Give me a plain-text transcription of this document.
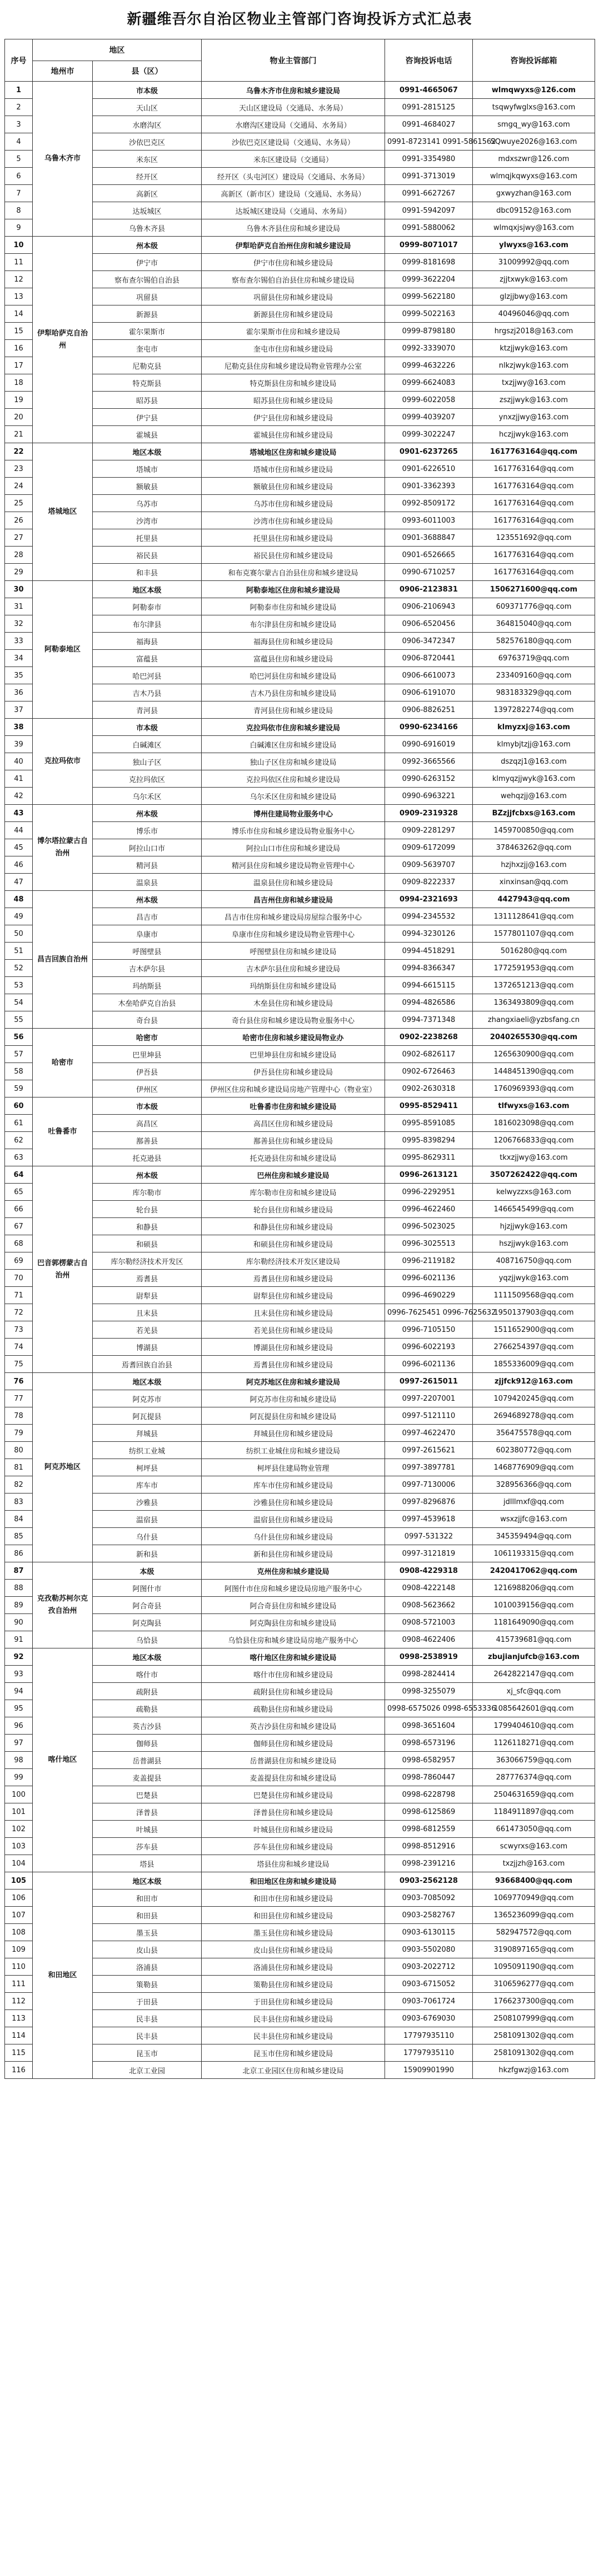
新疆维吾尔自治区物业主管部门咨询投诉方式汇总表
序号	地区		物业主管部门	咨询投诉电话	咨询投诉邮箱
	地州市	县（区）			
1	乌鲁木齐市	市本级	乌鲁木齐市住房和城乡建设局	0991-4665067	wlmqwyxs@126.com
2		天山区	天山区建设局（交通局、水务局）	0991-2815125	tsqwyfwglxs@163.com
3		水磨沟区	水磨沟区建设局（交通局、水务局）	0991-4684027	smgq_wy@163.com
4		沙依巴克区	沙依巴克区建设局（交通局、水务局）	0991-8723141 0991-5861562	SQwuye2026@163.com
5		米东区	米东区建设局（交通局）	0991-3354980	mdxszwr@126.com
6		经开区	经开区（头屯河区）建设局（交通局、水务局）	0991-3713019	wlmqjkqwyxs@163.com
7		高新区	高新区（新市区）建设局（交通局、水务局）	0991-6627267	gxwyzhan@163.com
8		达坂城区	达坂城区建设局（交通局、水务局）	0991-5942097	dbc09152@163.com
9		乌鲁木齐县	乌鲁木齐县住房和城乡建设局	0991-5880062	wlmqxjsjwy@163.com
10	伊犁哈萨克自治州	州本级	伊犁哈萨克自治州住房和城乡建设局	0999-8071017	ylwyxs@163.com
11		伊宁市	伊宁市住房和城乡建设局	0999-8181698	31009992@qq.com
12		察布查尔锡伯自治县	察布查尔锡伯自治县住房和城乡建设局	0999-3622204	zjjtxwyk@163.com
13		巩留县	巩留县住房和城乡建设局	0999-5622180	glzjjbwy@163.com
14		新源县	新源县住房和城乡建设局	0999-5022163	40496046@qq.com
15		霍尔果斯市	霍尔果斯市住房和城乡建设局	0999-8798180	hrgszj2018@163.com
16		奎屯市	奎屯市住房和城乡建设局	0992-3339070	ktzjjwyk@163.com
17		尼勒克县	尼勒克县住房和城乡建设局物业管理办公室	0999-4632226	nlkzjwyk@163.com
18		特克斯县	特克斯县住房和城乡建设局	0999-6624083	txzjjwy@163.com
19		昭苏县	昭苏县住房和城乡建设局	0999-6022058	zszjjwyk@163.com
20		伊宁县	伊宁县住房和城乡建设局	0999-4039207	ynxzjjwy@163.com
21		霍城县	霍城县住房和城乡建设局	0999-3022247	hczjjwyk@163.com
22	塔城地区	地区本级	塔城地区住房和城乡建设局	0901-6237265	1617763164@qq.com
23		塔城市	塔城市住房和城乡建设局	0901-6226510	1617763164@qq.com
24		额敏县	额敏县住房和城乡建设局	0901-3362393	1617763164@qq.com
25		乌苏市	乌苏市住房和城乡建设局	0992-8509172	1617763164@qq.com
26		沙湾市	沙湾市住房和城乡建设局	0993-6011003	1617763164@qq.com
27		托里县	托里县住房和城乡建设局	0901-3688847	123551692@qq.com
28		裕民县	裕民县住房和城乡建设局	0901-6526665	1617763164@qq.com
29		和丰县	和布克赛尔蒙古自治县住房和城乡建设局	0990-6710257	1617763164@qq.com
30	阿勒泰地区	地区本级	阿勒泰地区住房和城乡建设局	0906-2123831	1506271600@qq.com
31		阿勒泰市	阿勒泰市住房和城乡建设局	0906-2106943	609371776@qq.com
32		布尔津县	布尔津县住房和城乡建设局	0906-6520456	364815040@qq.com
33		福海县	福海县住房和城乡建设局	0906-3472347	582576180@qq.com
34		富蕴县	富蕴县住房和城乡建设局	0906-8720441	69763719@qq.com
35		哈巴河县	哈巴河县住房和城乡建设局	0906-6610073	233409160@qq.com
36		吉木乃县	吉木乃县住房和城乡建设局	0906-6191070	983183329@qq.com
37		青河县	青河县住房和城乡建设局	0906-8826251	1397282274@qq.com
38	克拉玛依市	市本级	克拉玛依市住房和城乡建设局	0990-6234166	klmyzxj@163.com
39		白碱滩区	白碱滩区住房和城乡建设局	0990-6916019	klmybjtzjj@163.com
40		独山子区	独山子区住房和城乡建设局	0992-3665566	dszqzj1@163.com
41		克拉玛依区	克拉玛依区住房和城乡建设局	0990-6263152	klmyqzjjwyk@163.com
42		乌尔禾区	乌尔禾区住房和城乡建设局	0990-6963221	wehqzjj@163.com
43	博尔塔拉蒙古自治州	州本级	博州住建局物业服务中心	0909-2319328	BZzjjfcbxs@163.com
44		博乐市	博乐市住房和城乡建设局物业服务中心	0909-2281297	1459700850@qq.com
45		阿拉山口市	阿拉山口市住房和城乡建设局	0909-6172099	378463262@qq.com
46		精河县	精河县住房和城乡建设局物业管理中心	0909-5639707	hzjhxzjj@163.com
47		温泉县	温泉县住房和城乡建设局	0909-8222337	xinxinsan@qq.com
48	昌吉回族自治州	州本级	昌吉州住房和城乡建设局	0994-2321693	4427943@qq.com
49		昌吉市	昌吉市住房和城乡建设局房屋综合服务中心	0994-2345532	1311128641@qq.com
50		阜康市	阜康市住房和城乡建设局物业管理中心	0994-3230126	1577801107@qq.com
51		呼图壁县	呼图壁县住房和城乡建设局	0994-4518291	5016280@qq.com
52		吉木萨尔县	吉木萨尔县住房和城乡建设局	0994-8366347	1772591953@qq.com
53		玛纳斯县	玛纳斯县住房和城乡建设局	0994-6615115	1372651213@qq.com
54		木垒哈萨克自治县	木垒县住房和城乡建设局	0994-4826586	1363493809@qq.com
55		奇台县	奇台县住房和城乡建设局物业服务中心	0994-7371348	zhangxiaeli@yzbsfang.cn
56	哈密市	哈密市	哈密市住房和城乡建设局物业办	0902-2238268	2040265530@qq.com
57		巴里坤县	巴里坤县住房和城乡建设局	0902-6826117	1265630900@qq.com
58		伊吾县	伊吾县住房和城乡建设局	0902-6726463	1448451390@qq.com
59		伊州区	伊州区住房和城乡建设局房地产管理中心（物业室）	0902-2630318	1760969393@qq.com
60	吐鲁番市	市本级	吐鲁番市住房和城乡建设局	0995-8529411	tlfwyxs@163.com
61		高昌区	高昌区住房和城乡建设局	0995-8591085	1816023098@qq.com
62		鄯善县	鄯善县住房和城乡建设局	0995-8398294	1206766833@qq.com
63		托克逊县	托克逊县住房和城乡建设局	0995-8629311	tkxzjjwy@163.com
64	巴音郭楞蒙古自治州	州本级	巴州住房和城乡建设局	0996-2613121	3507262422@qq.com
65		库尔勒市	库尔勒市住房和城乡建设局	0996-2292951	kelwyzzxs@163.com
66		轮台县	轮台县住房和城乡建设局	0996-4622460	1466545499@qq.com
67		和静县	和静县住房和城乡建设局	0996-5023025	hjzjjwyk@163.com
68		和硕县	和硕县住房和城乡建设局	0996-3025513	hszjjwyk@163.com
69		库尔勒经济技术开发区	库尔勒经济技术开发区建设局	0996-2119182	408716750@qq.com
70		焉耆县	焉耆县住房和城乡建设局	0996-6021136	yqzjjwyk@163.com
71		尉犁县	尉犁县住房和城乡建设局	0996-4690229	1111509568@qq.com
72		且末县	且末县住房和城乡建设局	0996-7625451 0996-7625632	1950137903@qq.com
73		若羌县	若羌县住房和城乡建设局	0996-7105150	1511652900@qq.com
74		博湖县	博湖县住房和城乡建设局	0996-6022193	2766254397@qq.com
75		焉耆回族自治县	焉耆县住房和城乡建设局	0996-6021136	1855336009@qq.com
76	阿克苏地区	地区本级	阿克苏地区住房和城乡建设局	0997-2615011	zjjfck912@163.com
77		阿克苏市	阿克苏市住房和城乡建设局	0997-2207001	1079420245@qq.com
78		阿瓦提县	阿瓦提县住房和城乡建设局	0997-5121110	2694689278@qq.com
79		拜城县	拜城县住房和城乡建设局	0997-4622470	356475578@qq.com
80		纺织工业城	纺织工业城住房和城乡建设局	0997-2615621	602380772@qq.com
81		柯坪县	柯坪县住建局物业管理	0997-3897781	1468776909@qq.com
82		库车市	库车市住房和城乡建设局	0997-7130006	328956366@qq.com
83		沙雅县	沙雅县住房和城乡建设局	0997-8296876	jdlllmxf@qq.com
84		温宿县	温宿县住房和城乡建设局	0997-4539618	wsxzjjfc@163.com
85		乌什县	乌什县住房和城乡建设局	0997-531322	345359494@qq.com
86		新和县	新和县住房和城乡建设局	0997-3121819	1061193315@qq.com
87	克孜勒苏柯尔克孜自治州	本级	克州住房和城乡建设局	0908-4229318	2420417062@qq.com
88		阿图什市	阿图什市住房和城乡建设局房地产服务中心	0908-4222148	1216988206@qq.com
89		阿合奇县	阿合奇县住房和城乡建设局	0908-5623662	1010039156@qq.com
90		阿克陶县	阿克陶县住房和城乡建设局	0908-5721003	1181649090@qq.com
91		乌恰县	乌恰县住房和城乡建设局房地产服务中心	0908-4622406	415739681@qq.com
92	喀什地区	地区本级	喀什地区住房和城乡建设局	0998-2538919	zbujianjufcb@163.com
93		喀什市	喀什市住房和城乡建设局	0998-2824414	2642822147@qq.com
94		疏附县	疏附县住房和城乡建设局	0998-3255079	xj_sfc@qq.com
95		疏勒县	疏勒县住房和城乡建设局	0998-6575026 0998-6553336	1085642601@qq.com
96		英吉沙县	英吉沙县住房和城乡建设局	0998-3651604	1799404610@qq.com
97		伽师县	伽师县住房和城乡建设局	0998-6573196	1126118271@qq.com
98		岳普湖县	岳普湖县住房和城乡建设局	0998-6582957	363066759@qq.com
99		麦盖提县	麦盖提县住房和城乡建设局	0998-7860447	287776374@qq.com
100		巴楚县	巴楚县住房和城乡建设局	0998-6228798	2504631659@qq.com
101		泽普县	泽普县住房和城乡建设局	0998-6125869	1184911897@qq.com
102		叶城县	叶城县住房和城乡建设局	0998-6812559	661473050@qq.com
103		莎车县	莎车县住房和城乡建设局	0998-8512916	scwyrxs@163.com
104		塔县	塔县住房和城乡建设局	0998-2391216	txzjjzh@163.com
105	和田地区	地区本级	和田地区住房和城乡建设局	0903-2562128	93668400@qq.com
106		和田市	和田市住房和城乡建设局	0903-7085092	1069770949@qq.com
107		和田县	和田县住房和城乡建设局	0903-2582767	1365236099@qq.com
108		墨玉县	墨玉县住房和城乡建设局	0903-6130115	582947572@qq.com
109		皮山县	皮山县住房和城乡建设局	0903-5502080	3190897165@qq.com
110		洛浦县	洛浦县住房和城乡建设局	0903-2022712	1095091190@qq.com
111		策勒县	策勒县住房和城乡建设局	0903-6715052	3106596277@qq.com
112		于田县	于田县住房和城乡建设局	0903-7061724	1766237300@qq.com
113		民丰县	民丰县住房和城乡建设局	0903-6769030	2508107999@qq.com
114		民丰县	民丰县住房和城乡建设局	17797935110	2581091302@qq.com
115		昆玉市	昆玉市住房和城乡建设局	17797935110	2581091302@qq.com
116		北京工业园	北京工业园区住房和城乡建设局	15909901990	hkzfgwzj@163.com
